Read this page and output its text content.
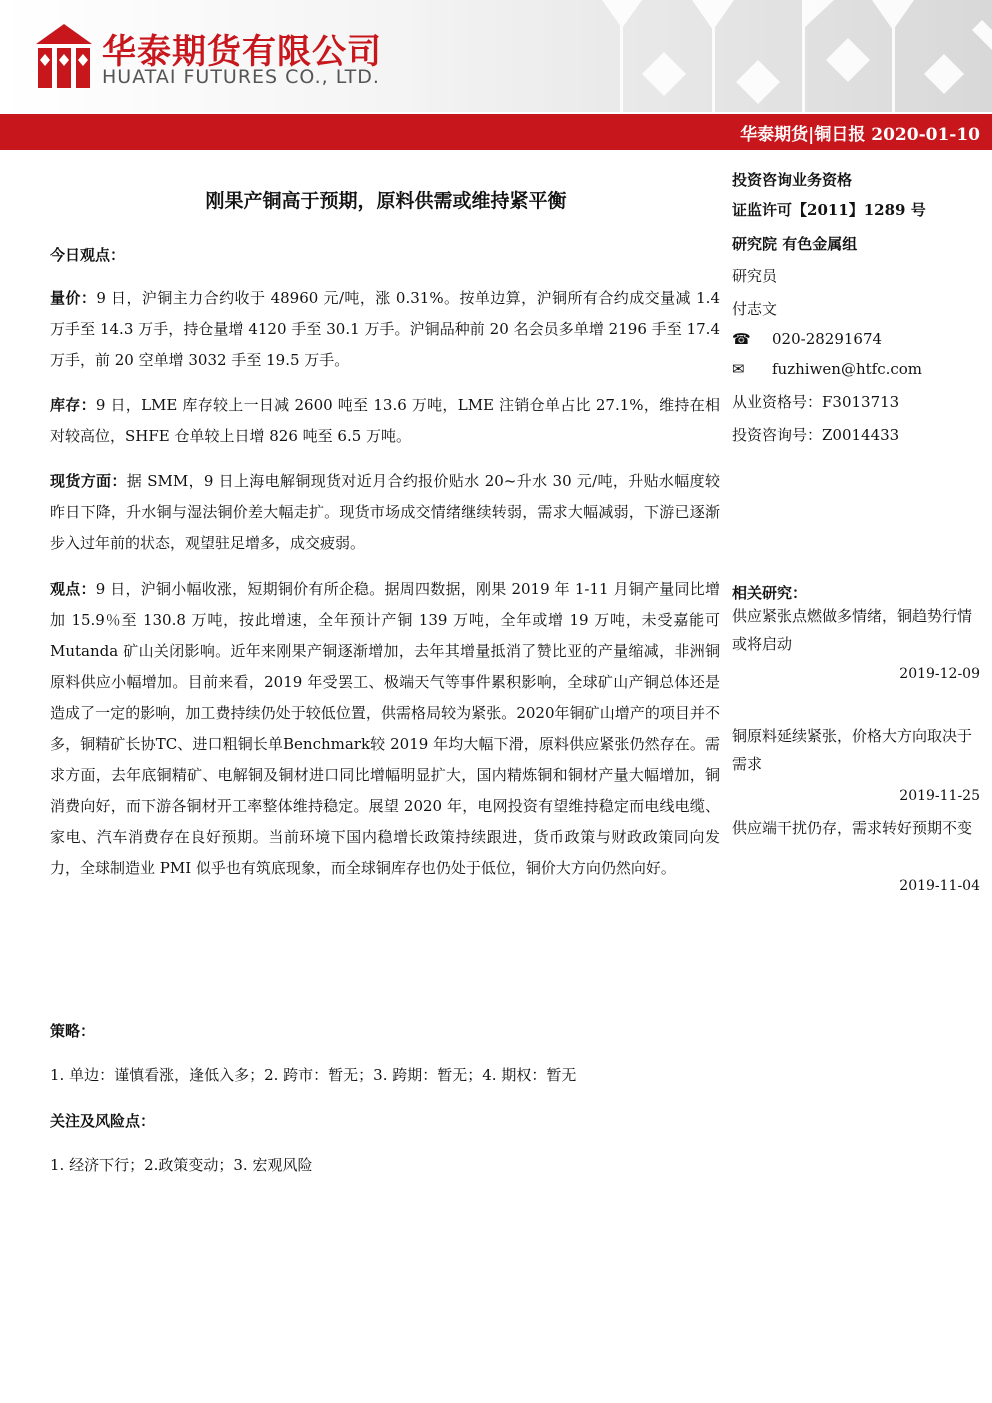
华泰期货有限公司
HUATAI FUTURES CO., LTD.
华泰期货|铜日报 2020-01-10
刚果产铜高于预期，原料供需或维持紧平衡
今日观点：
量价：9 日，沪铜主力合约收于 48960 元/吨，涨 0.31%。按单边算，沪铜所有合约成交量减 1.4 万手至 14.3 万手，持仓量增 4120 手至 30.1 万手。沪铜品种前 20 名会员多单增 2196 手至 17.4 万手，前 20 空单增 3032 手至 19.5 万手。
库存：9 日，LME 库存较上一日减 2600 吨至 13.6 万吨，LME 注销仓单占比 27.1%，维持在相对较高位，SHFE 仓单较上日增 826 吨至 6.5 万吨。
现货方面：据 SMM，9 日上海电解铜现货对近月合约报价贴水 20~升水 30 元/吨，升贴水幅度较昨日下降，升水铜与湿法铜价差大幅走扩。现货市场成交情绪继续转弱，需求大幅减弱，下游已逐渐步入过年前的状态，观望驻足增多，成交疲弱。
观点：9 日，沪铜小幅收涨，短期铜价有所企稳。据周四数据，刚果 2019 年 1-11 月铜产量同比增加 15.9％至 130.8 万吨，按此增速，全年预计产铜 139 万吨，全年或增 19 万吨，未受嘉能可 Mutanda 矿山关闭影响。近年来刚果产铜逐渐增加，去年其增量抵消了赞比亚的产量缩减，非洲铜原料供应小幅增加。目前来看，2019 年受罢工、极端天气等事件累积影响，全球矿山产铜总体还是造成了一定的影响，加工费持续仍处于较低位置，供需格局较为紧张。2020年铜矿山增产的项目并不多，铜精矿长协TC、进口粗铜长单Benchmark较 2019 年均大幅下滑，原料供应紧张仍然存在。需求方面，去年底铜精矿、电解铜及铜材进口同比增幅明显扩大，国内精炼铜和铜材产量大幅增加，铜消费向好，而下游各铜材开工率整体维持稳定。展望 2020 年，电网投资有望维持稳定而电线电缆、家电、汽车消费存在良好预期。当前环境下国内稳增长政策持续跟进，货币政策与财政政策同向发力，全球制造业 PMI 似乎也有筑底现象，而全球铜库存也仍处于低位，铜价大方向仍然向好。
策略：
1. 单边：谨慎看涨，逢低入多；2. 跨市：暂无；3. 跨期：暂无；4. 期权：暂无
关注及风险点：
1. 经济下行；2.政策变动；3. 宏观风险
投资咨询业务资格
证监许可【2011】1289 号
研究院 有色金属组
研究员
付志文
☎ 020-28291674
✉ fuzhiwen@htfc.com
从业资格号：F3013713
投资咨询号：Z0014433
相关研究：
供应紧张点燃做多情绪，铜趋势行情或将启动
2019-12-09
铜原料延续紧张，价格大方向取决于需求
2019-11-25
供应端干扰仍存，需求转好预期不变
2019-11-04
